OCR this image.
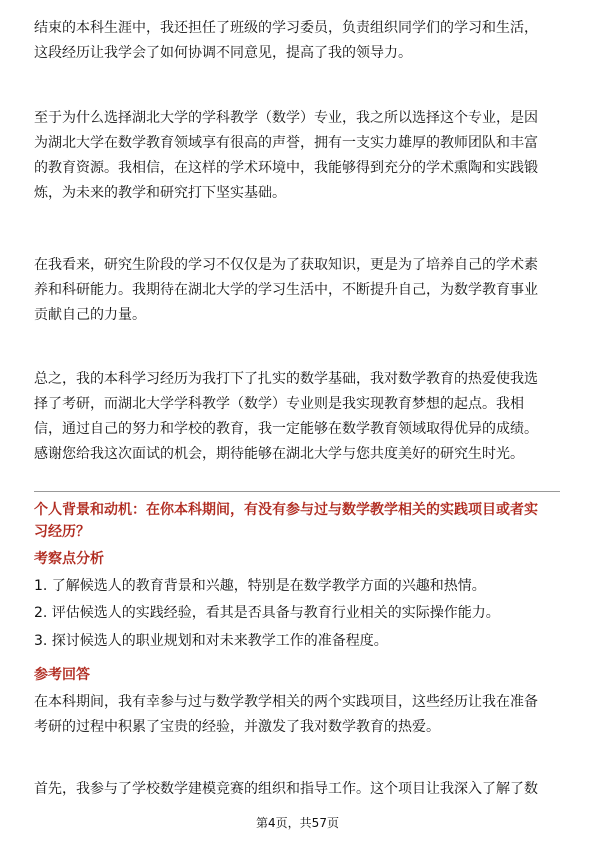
结束的本科生涯中，我还担任了班级的学习委员，负责组织同学们的学习和生活，
这段经历让我学会了如何协调不同意见，提高了我的领导力。

至于为什么选择湖北大学的学科教学（数学）专业，我之所以选择这个专业，是因
为湖北大学在数学教育领域享有很高的声誉，拥有一支实力雄厚的教师团队和丰富
的教育资源。我相信，在这样的学术环境中，我能够得到充分的学术熏陶和实践锻
炼，为未来的教学和研究打下坚实基础。

在我看来，研究生阶段的学习不仅仅是为了获取知识，更是为了培养自己的学术素
养和科研能力。我期待在湖北大学的学习生活中，不断提升自己，为数学教育事业
贡献自己的力量。

总之，我的本科学习经历为我打下了扎实的数学基础，我对数学教育的热爱使我选
择了考研，而湖北大学学科教学（数学）专业则是我实现教育梦想的起点。我相
信，通过自己的努力和学校的教育，我一定能够在数学教育领域取得优异的成绩。
感谢您给我这次面试的机会，期待能够在湖北大学与您共度美好的研究生时光。

个人背景和动机：在你本科期间，有没有参与过与数学教学相关的实践项目或者实
习经历？

考察点分析

1. 了解候选人的教育背景和兴趣，特别是在数学教学方面的兴趣和热情。

2. 评估候选人的实践经验，看其是否具备与教育行业相关的实际操作能力。

3. 探讨候选人的职业规划和对未来教学工作的准备程度。

参考回答

在本科期间，我有幸参与过与数学教学相关的两个实践项目，这些经历让我在准备
考研的过程中积累了宝贵的经验，并激发了我对数学教育的热爱。

首先，我参与了学校数学建模竞赛的组织和指导工作。这个项目让我深入了解了数

第4页，共57页
